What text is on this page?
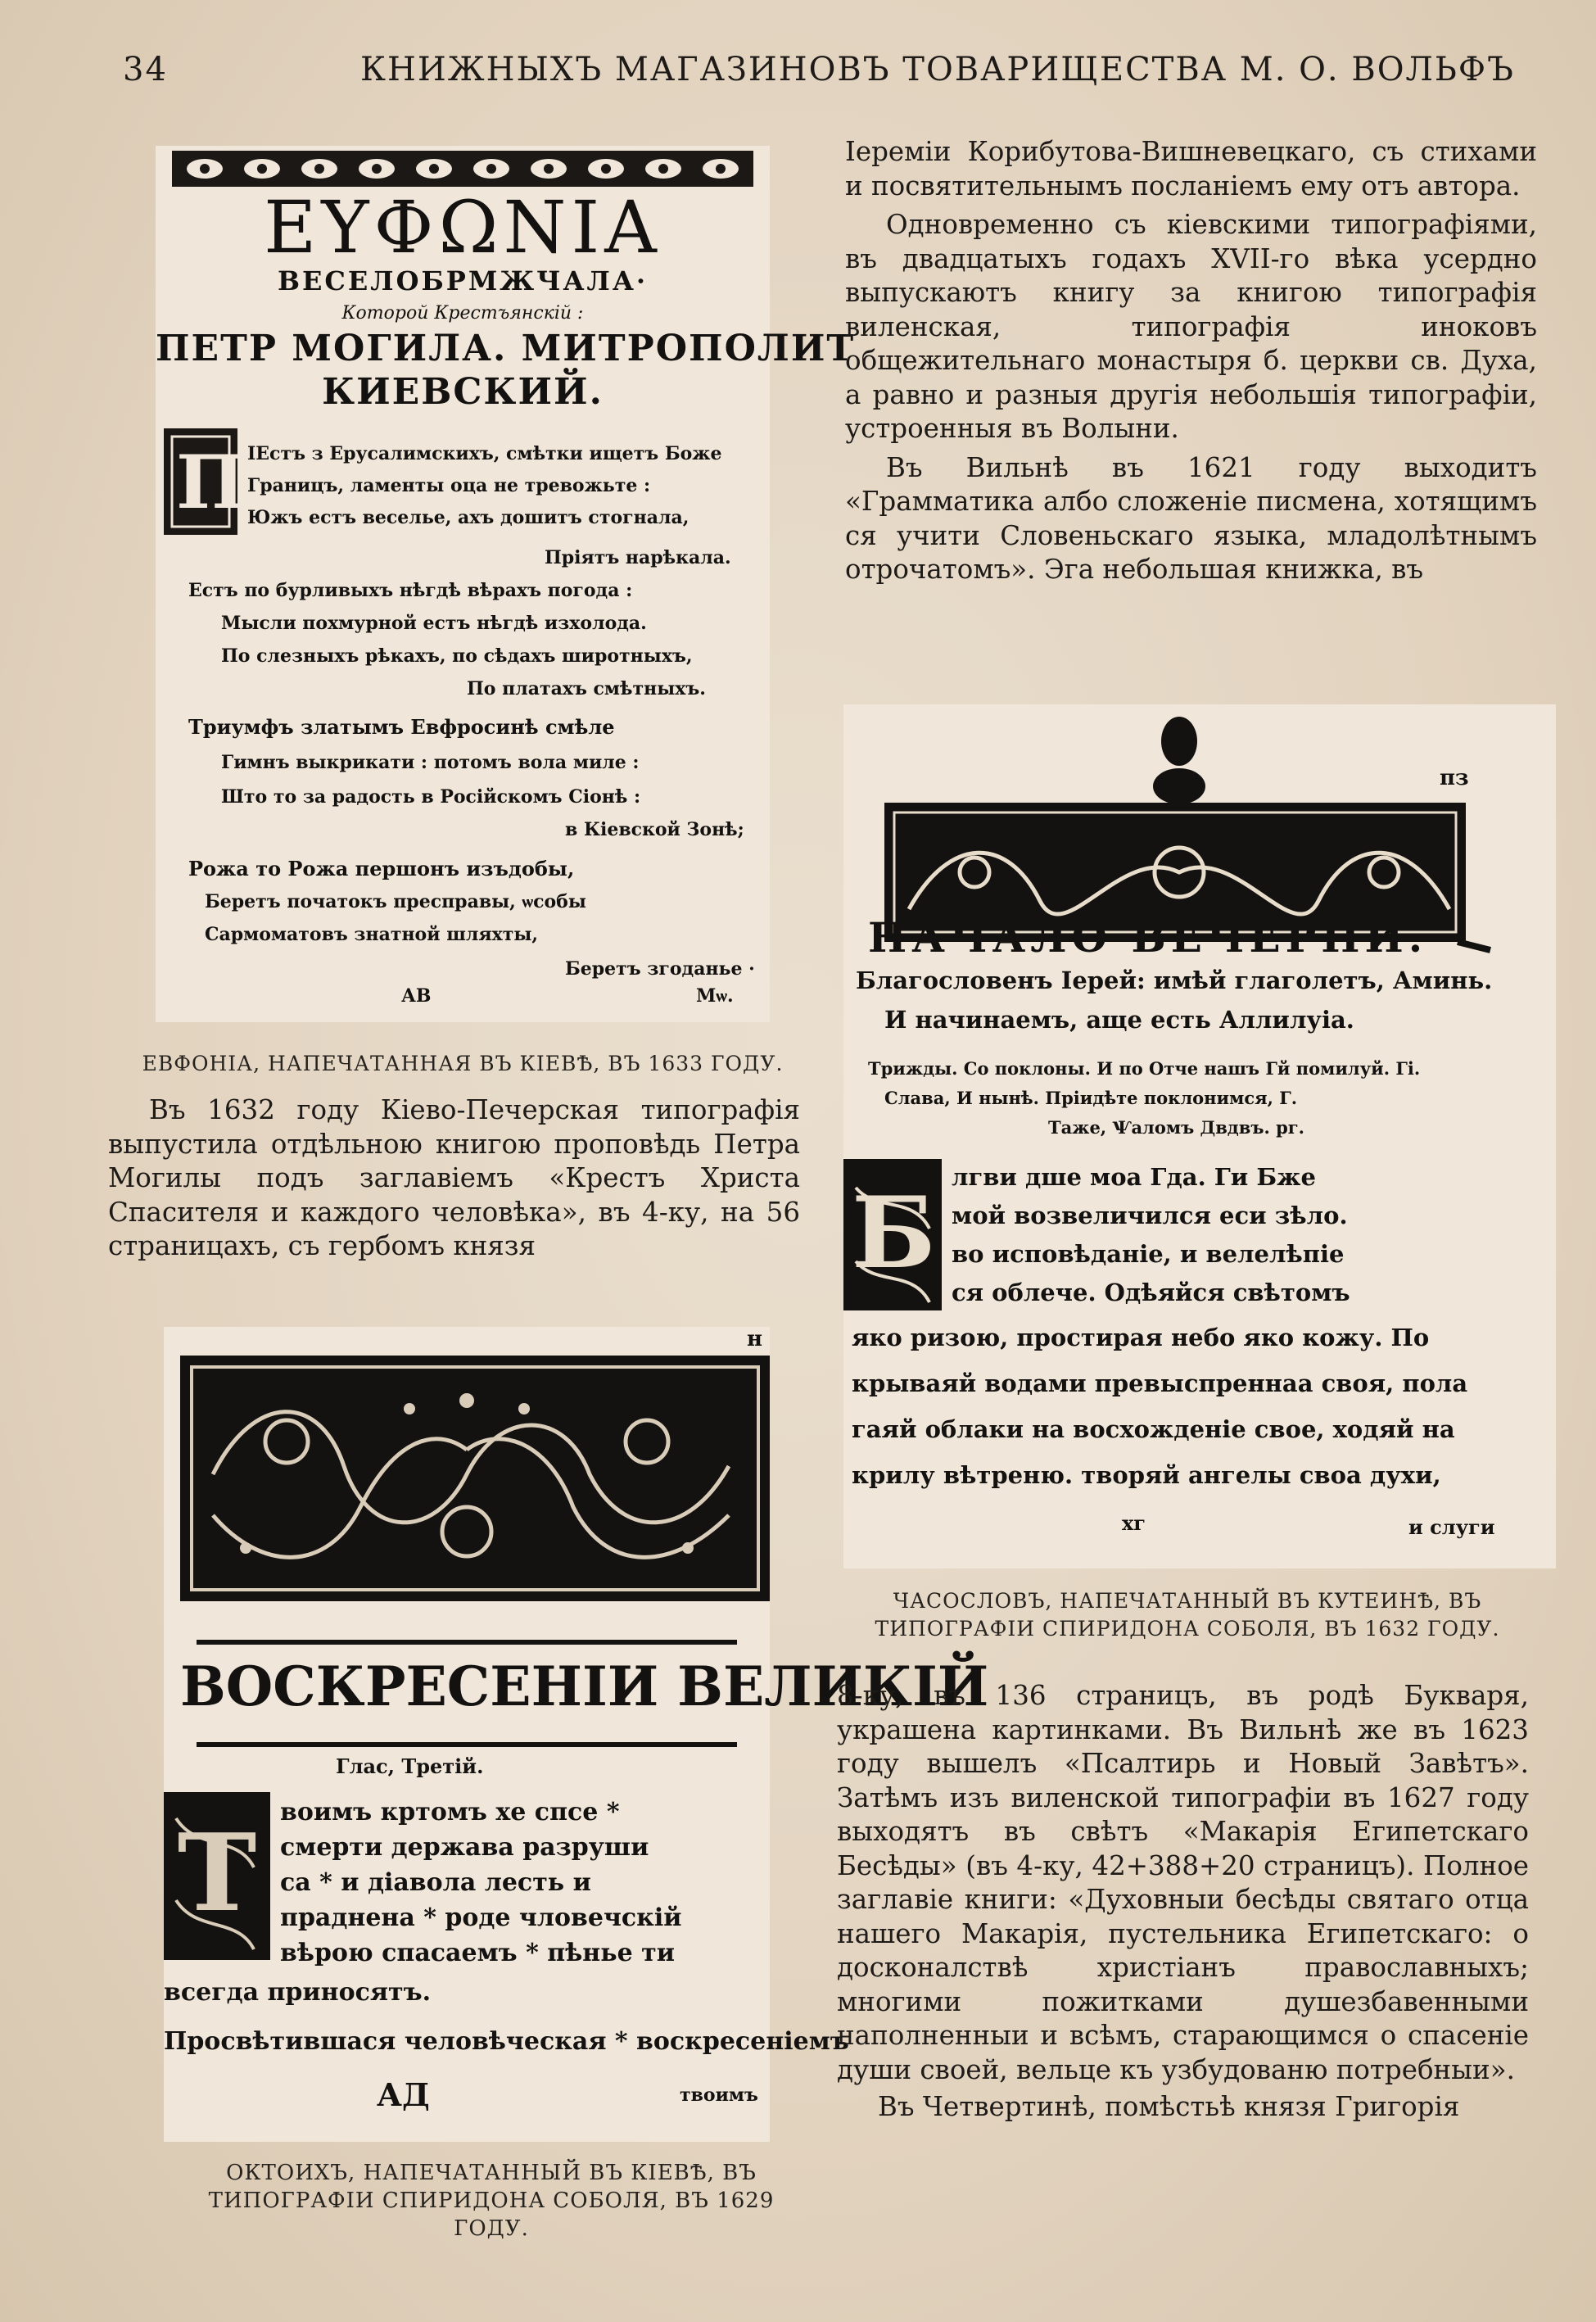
34	КНИЖНЫХЪ МАГАЗИНОВЪ ТОВАРИЩЕСТВА М. О. ВОЛЬФЪ
ЕΥФΩΝΙΑ
ВЕСЕЛОБРМЖЧАЛА·
Которой Крестъянскій :
ПЕТР МОГИЛА. МИТРОПОЛИТ
КИЕВСКИЙ.
П ІЕстъ з Ерусалимскихъ, смѣтки ищетъ Боже
Границъ, ламенты оца не тревожьте :
Южъ естъ веселье, ахъ дошитъ стогнала,
Пріятъ нарѣкала.
Естъ по бурливыхъ нѣгдѣ вѣрахъ погода :
Мысли похмурной естъ нѣгдѣ изхолода.
По слезныхъ рѣкахъ, по сѣдахъ широтныхъ,
По платахъ смѣтныхъ.
Триумфъ златымъ Евфросинѣ смѣле
Гимнъ выкрикати : потомъ вола миле :
Што то за радость в Російскомъ Сіонѣ :
в Кіевской Зонѣ;
Рожа то Рожа першонъ изъдобы,
Беретъ початокъ пресправы, ѡсобы
Сармоматовъ знатной шляхты,
Беретъ згоданье ·
АВ	Мѡ.
ЕВФОНІА, НАПЕЧАТАННАЯ ВЪ КІЕВѢ, ВЪ 1633 ГОДУ.

Въ 1632 году Кіево-Печерская типографія выпустила отдѣльною книгою проповѣдь Петра Могилы подъ заглавіемъ «Крестъ Христа Спасителя и каждого человѣка», въ 4-ку, на 56 страницахъ, съ гербомъ князя

н
ВОСКРЕСЕНІИ ВЕЛИКІЙ
Глас, Третій.
Т воимъ кртомъ хе спсе *
смерти держава разруши
са * и діавола лесть и
праднена * роде чловечскій
вѣрою спасаемъ * пѣнье ти
всегда приносятъ.
Просвѣтившася человѣческая * воскресеніемъ
АД	твоимъ
ОКТОИХЪ, НАПЕЧАТАННЫЙ ВЪ КІЕВѢ, ВЪ ТИПОГРАФІИ СПИРИДОНА СОБОЛЯ, ВЪ 1629 ГОДУ.

Іереміи Корибутова-Вишневецкаго, съ стихами и посвятительнымъ посланіемъ ему отъ автора.

Одновременно съ кіевскими типографіями, въ двадцатыхъ годахъ XVII-го вѣка усердно выпускаютъ книгу за книгою типографія виленская, типографія иноковъ общежительнаго монастыря б. церкви св. Духа, а равно и разныя другія небольшія типографіи, устроенныя въ Волыни.

Въ Вильнѣ въ 1621 году выходитъ «Грамматика албо сложеніе писмена, хотящимъ ся учити Словеньскаго языка, младолѣтнымъ отрочатомъ». Эга небольшая книжка, въ

пз
НАЧАЛО ВЕЧЕРНИ.
Благословенъ Іерей: имѣй глаголетъ, Аминь.
И начинаемъ, аще есть Аллилуіа.
Трижды. Со поклоны. И по Отче нашъ Гй помилуй. Гі.
Слава, И нынѣ. Пріидѣте поклонимся, Г.
Таже, Ѱаломъ Двдвъ. рг.
Б лгви дше моа Гда. Ги Бже
мой возвеличился еси зѣло.
во исповѣданіе, и велелѣпіе
ся облече. Одѣяйся свѣтомъ
яко ризою, простирая небо яко кожу. По
крываяй водами превыспреннаа своя, пола
гаяй облаки на восхожденіе свое, ходяй на
крилу вѣтреню. творяй ангелы своа духи,
хг	и слуги
ЧАСОСЛОВЪ, НАПЕЧАТАННЫЙ ВЪ КУТЕИНѢ, ВЪ ТИПОГРАФІИ СПИРИДОНА СОБОЛЯ, ВЪ 1632 ГОДУ.

8-ку, въ 136 страницъ, въ родѣ Букваря, украшена картинками. Въ Вильнѣ же въ 1623 году вышелъ «Псалтирь и Новый Завѣтъ». Затѣмъ изъ виленской типографіи въ 1627 году выходятъ въ свѣтъ «Макарія Египетскаго Бесѣды» (въ 4-ку, 42+388+20 страницъ). Полное заглавіе книги: «Духовныи бесѣды святаго отца нашего Макарія, пустельника Египетскаго: о досконалствѣ христіанъ православныхъ; многими пожитками душезбавенными наполненныи и всѣмъ, старающимся о спасеніе души своей, вельце къ узбудованю потребныи».

Въ Четвертинѣ, помѣстьѣ князя Григорія
